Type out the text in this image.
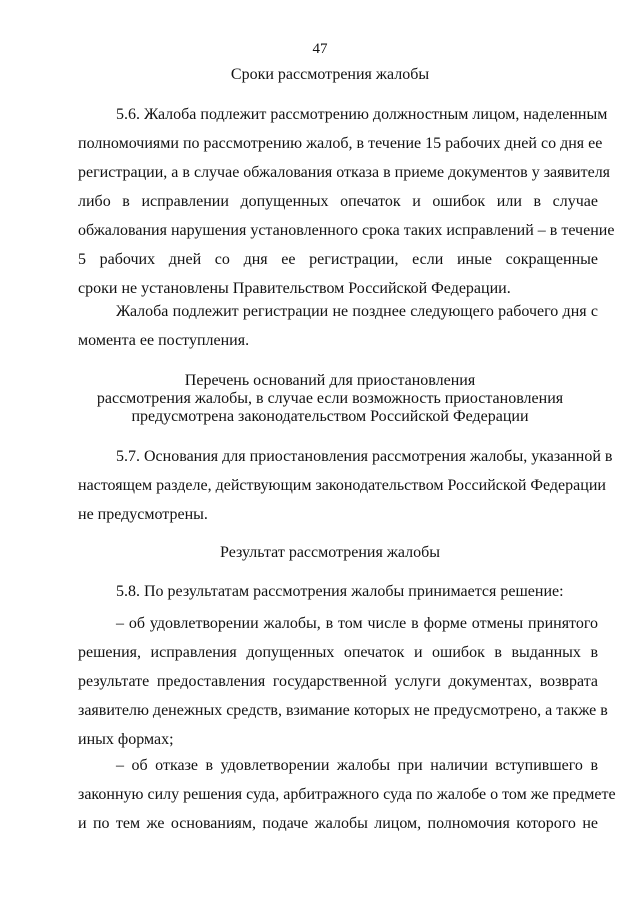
47
Сроки рассмотрения жалобы
5.6. Жалоба подлежит рассмотрению должностным лицом, наделенным
полномочиями по рассмотрению жалоб, в течение 15 рабочих дней со дня ее
регистрации, а в случае обжалования отказа в приеме документов у заявителя
либо в исправлении допущенных опечаток и ошибок или в случае
обжалования нарушения установленного срока таких исправлений – в течение
5 рабочих дней со дня ее регистрации, если иные сокращенные
сроки не установлены Правительством Российской Федерации.
Жалоба подлежит регистрации не позднее следующего рабочего дня с
момента ее поступления.
Перечень оснований для приостановления
рассмотрения жалобы, в случае если возможность приостановления
предусмотрена законодательством Российской Федерации
5.7. Основания для приостановления рассмотрения жалобы, указанной в
настоящем разделе, действующим законодательством Российской Федерации
не предусмотрены.
Результат рассмотрения жалобы
5.8. По результатам рассмотрения жалобы принимается решение:
– об удовлетворении жалобы, в том числе в форме отмены принятого
решения, исправления допущенных опечаток и ошибок в выданных в
результате предоставления государственной услуги документах, возврата
заявителю денежных средств, взимание которых не предусмотрено, а также в
иных формах;
– об отказе в удовлетворении жалобы при наличии вступившего в
законную силу решения суда, арбитражного суда по жалобе о том же предмете
и по тем же основаниям, подаче жалобы лицом, полномочия которого не
